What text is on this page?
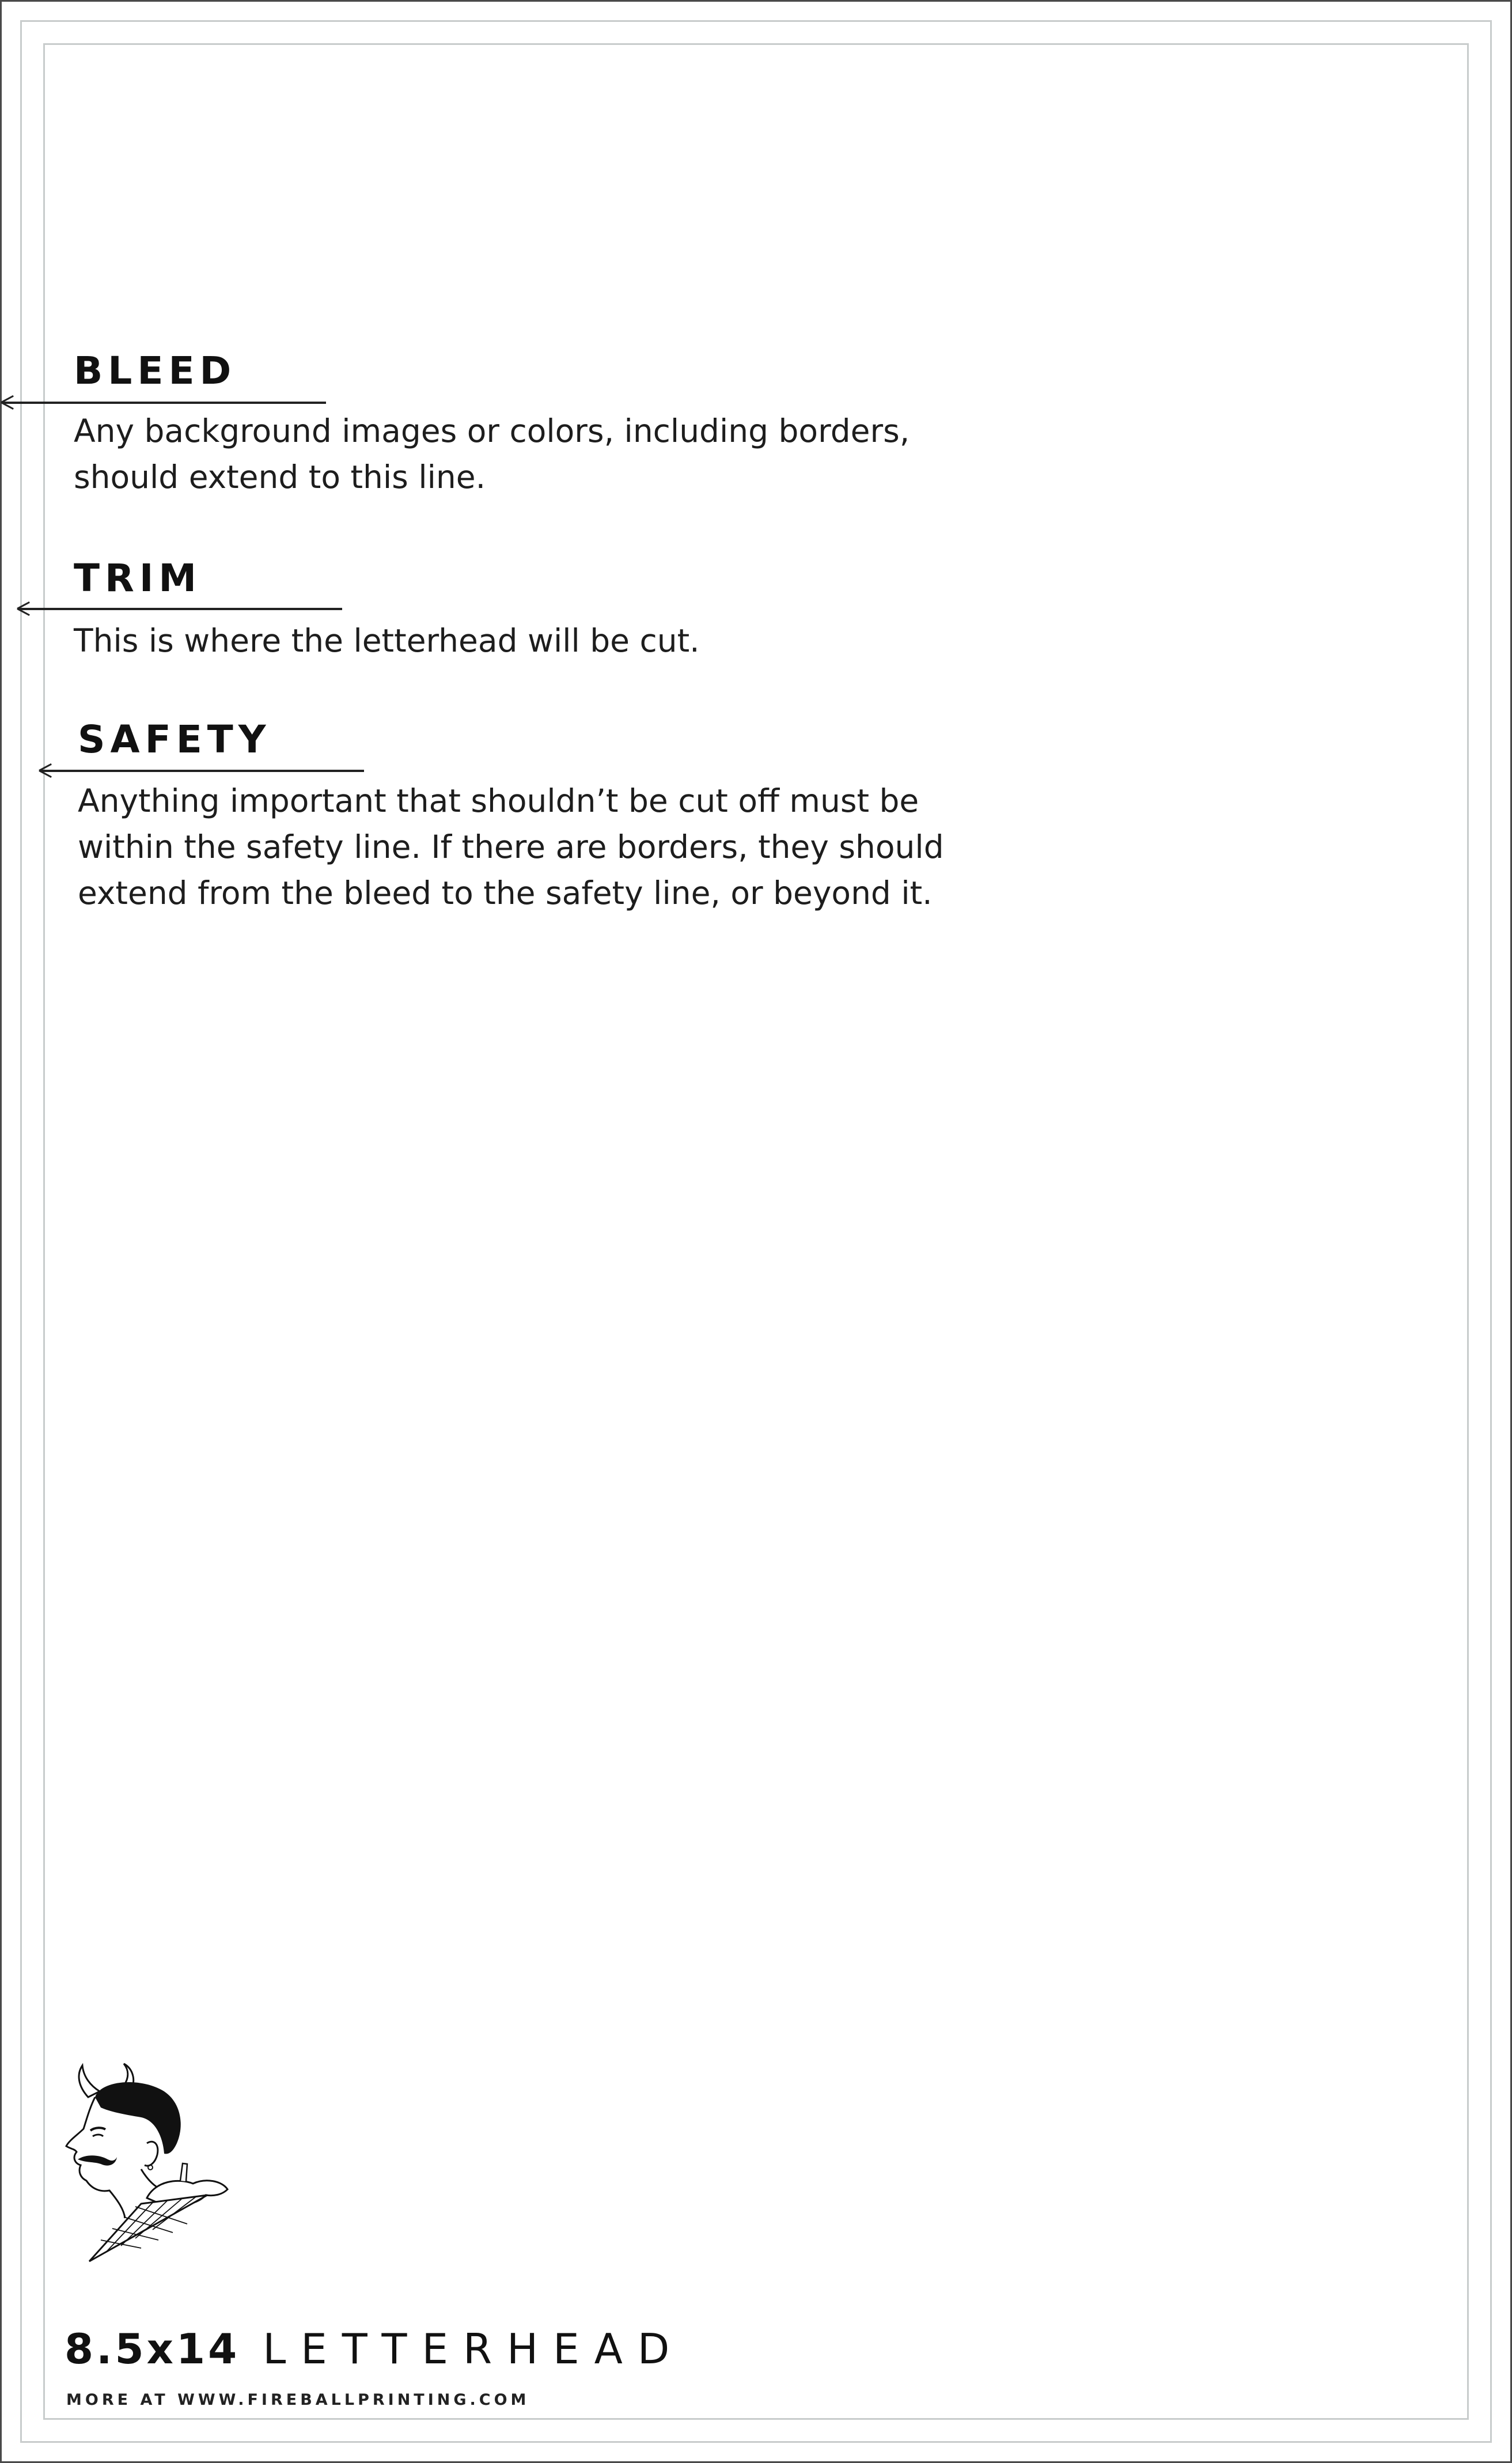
BLEED
Any background images or colors, including borders,
should extend to this line.
TRIM
This is where the letterhead will be cut.
SAFETY
Anything important that shouldn’t be cut off must be
within the safety line. If there are borders, they should
extend from the bleed to the safety line, or beyond it.
8.5x14 LETTERHEAD
MORE AT WWW.FIREBALLPRINTING.COM
